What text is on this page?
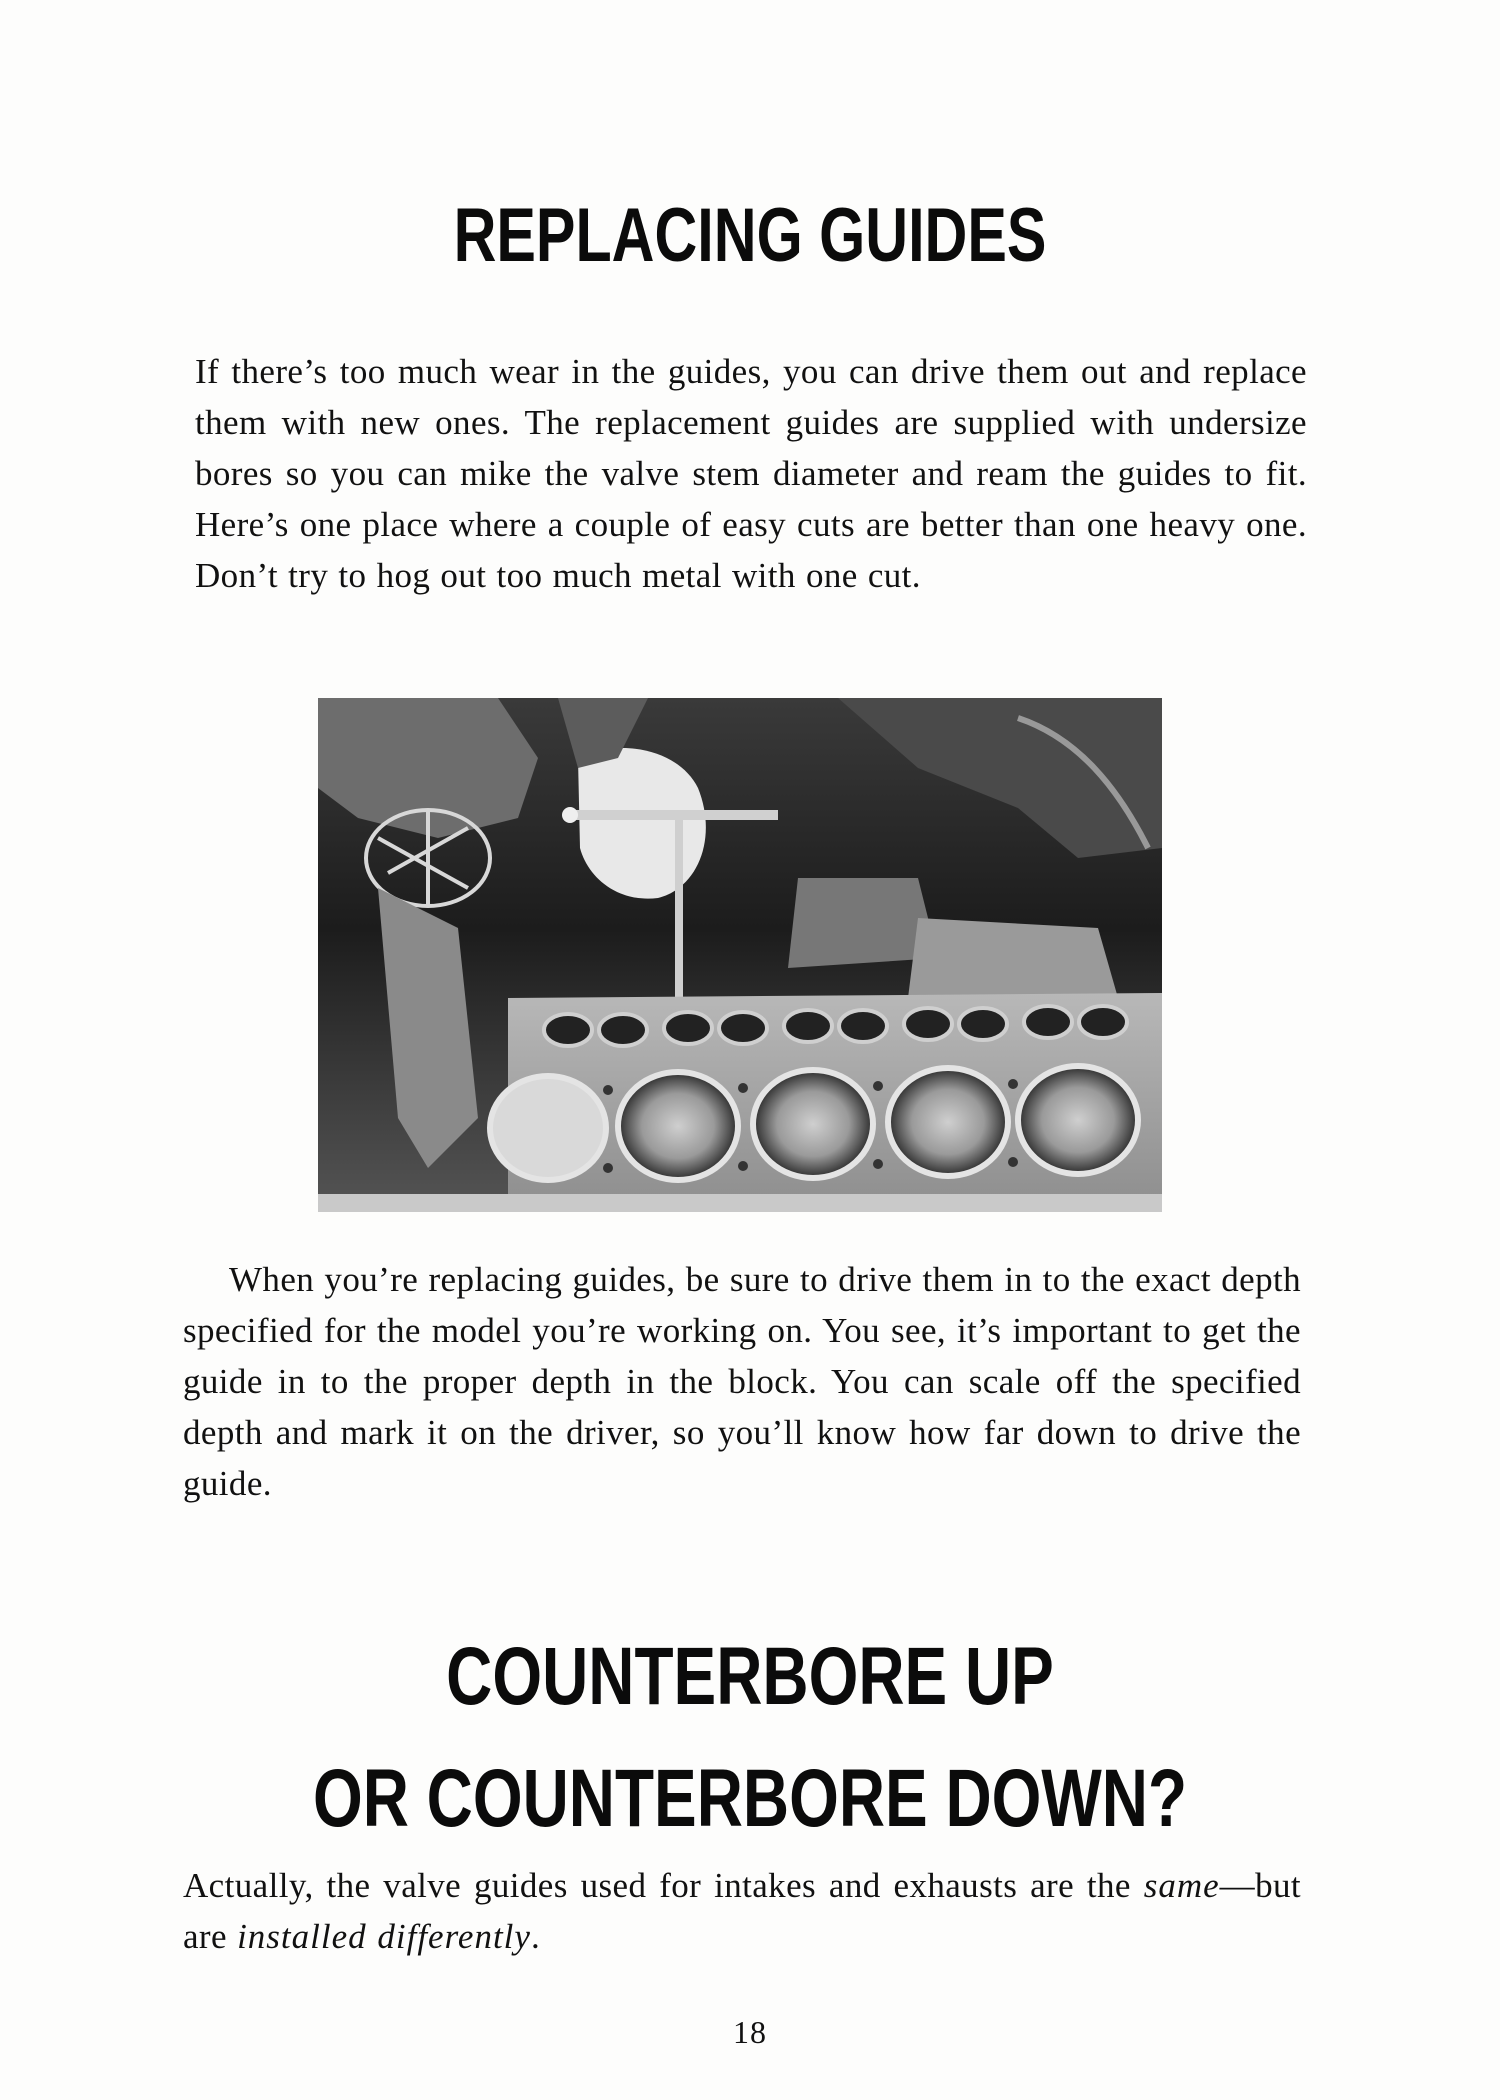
REPLACING GUIDES

If there’s too much wear in the guides, you can drive them out and replace them with new ones. The replacement guides are supplied with undersize bores so you can mike the valve stem diameter and ream the guides to fit. Here’s one place where a couple of easy cuts are better than one heavy one. Don’t try to hog out too much metal with one cut.

When you’re replacing guides, be sure to drive them in to the exact depth specified for the model you’re working on. You see, it’s important to get the guide in to the proper depth in the block. You can scale off the specified depth and mark it on the driver, so you’ll know how far down to drive the guide.

COUNTERBORE UP
OR COUNTERBORE DOWN?

Actually, the valve guides used for intakes and exhausts are the same—but are installed differently.

18
